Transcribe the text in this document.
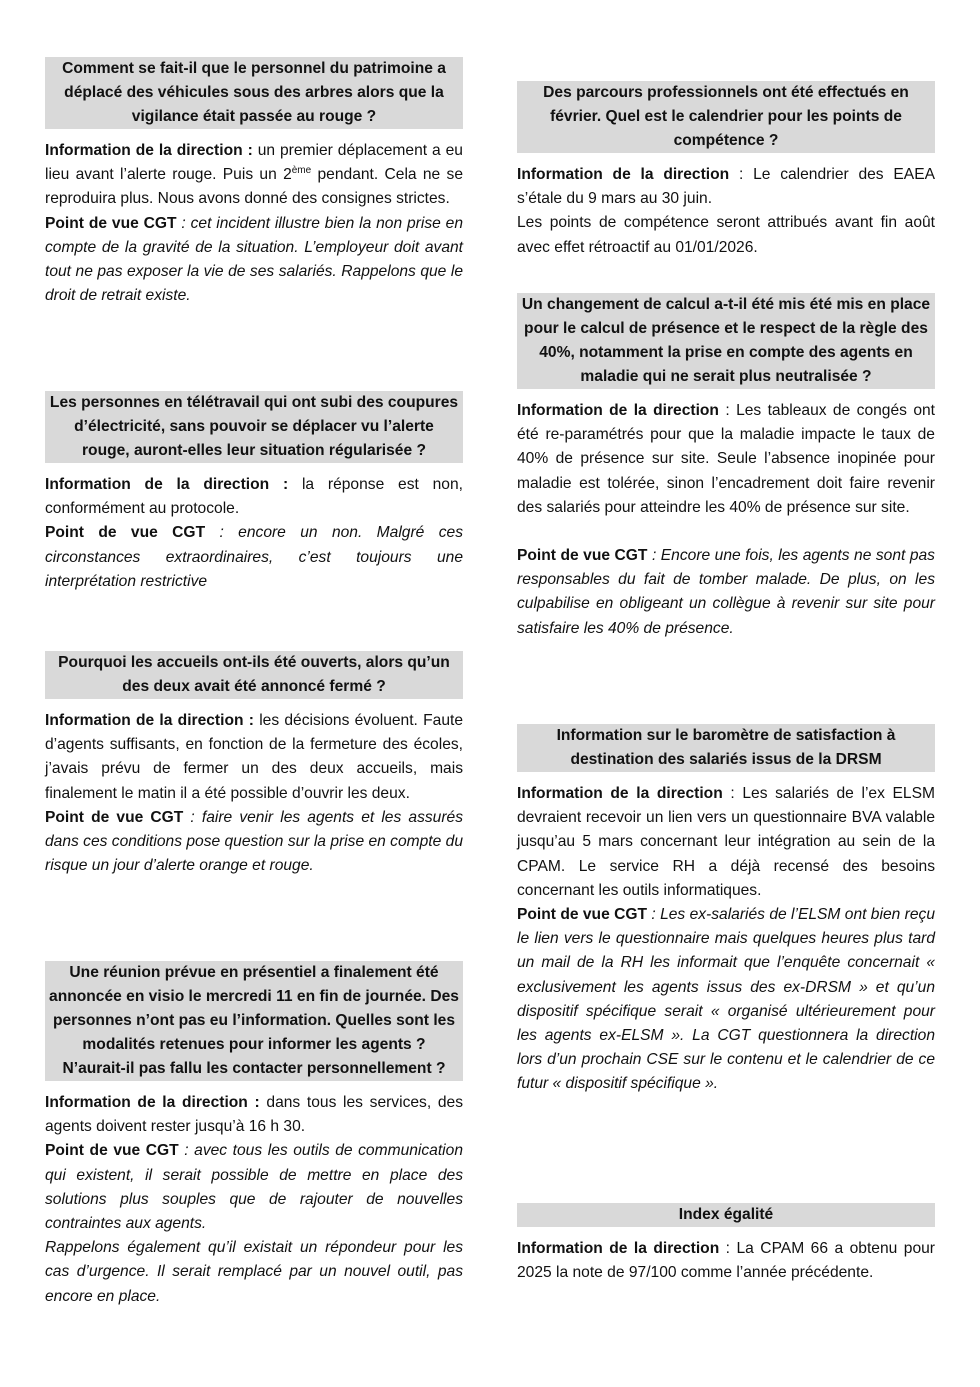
Comment se fait-il que le personnel du patrimoine a déplacé des véhicules sous des arbres alors que la vigilance était passée au rouge ?

Information de la direction : un premier déplacement a eu lieu avant l’alerte rouge. Puis un 2ème pendant. Cela ne se reproduira plus. Nous avons donné des consignes strictes.

Point de vue CGT : cet incident illustre bien la non prise en compte de la gravité de la situation. L’employeur doit avant tout ne pas exposer la vie de ses salariés. Rappelons que le droit de retrait existe.

Les personnes en télétravail qui ont subi des coupures d’électricité, sans pouvoir se déplacer vu l’alerte rouge, auront-elles leur situation régularisée ?

Information de la direction : la réponse est non, conformément au protocole.

Point de vue CGT : encore un non. Malgré ces circonstances extraordinaires, c’est toujours une interprétation restrictive

Pourquoi les accueils ont-ils été ouverts, alors qu’un des deux avait été annoncé fermé ?

Information de la direction : les décisions évoluent. Faute d’agents suffisants, en fonction de la fermeture des écoles, j’avais prévu de fermer un des deux accueils, mais finalement le matin il a été possible d’ouvrir les deux.

Point de vue CGT : faire venir les agents et les assurés dans ces conditions pose question sur la prise en compte du risque un jour d’alerte orange et rouge.

Une réunion prévue en présentiel a finalement été annoncée en visio le mercredi 11 en fin de journée. Des personnes n’ont pas eu l’information. Quelles sont les modalités retenues pour informer les agents ? N’aurait-il pas fallu les contacter personnellement ?

Information de la direction : dans tous les services, des agents doivent rester jusqu’à 16 h 30.

Point de vue CGT : avec tous les outils de communication qui existent, il serait possible de mettre en place des solutions plus souples que de rajouter de nouvelles contraintes aux agents.

Rappelons également qu’il existait un répondeur pour les cas d’urgence. Il serait remplacé par un nouvel outil, pas encore en place.

Des parcours professionnels ont été effectués en février. Quel est le calendrier pour les points de compétence ?

Information de la direction : Le calendrier des EAEA s’étale du 9 mars au 30 juin.

Les points de compétence seront attribués avant fin août avec effet rétroactif au 01/01/2026.

Un changement de calcul a-t-il été mis été mis en place pour le calcul de présence et le respect de la règle des 40%, notamment la prise en compte des agents en maladie qui ne serait plus neutralisée ?

Information de la direction : Les tableaux de congés ont été re-paramétrés pour que la maladie impacte le taux de 40% de présence sur site. Seule l’absence inopinée pour maladie est tolérée, sinon l’encadrement doit faire revenir des salariés pour atteindre les 40% de présence sur site.

Point de vue CGT : Encore une fois, les agents ne sont pas responsables du fait de tomber malade. De plus, on les culpabilise en obligeant un collègue à revenir sur site pour satisfaire les 40% de présence.

Information sur le baromètre de satisfaction à destination des salariés issus de la DRSM

Information de la direction : Les salariés de l’ex ELSM devraient recevoir un lien vers un questionnaire BVA valable jusqu’au 5 mars concernant leur intégration au sein de la CPAM. Le service RH a déjà recensé des besoins concernant les outils informatiques.

Point de vue CGT : Les ex-salariés de l’ELSM ont bien reçu le lien vers le questionnaire mais quelques heures plus tard un mail de la RH les informait que l’enquête concernait « exclusivement les agents issus des ex-DRSM » et qu’un dispositif spécifique serait « organisé ultérieurement pour les agents ex-ELSM ». La CGT questionnera la direction lors d’un prochain CSE sur le contenu et le calendrier de ce futur « dispositif spécifique ».

Index égalité

Information de la direction : La CPAM 66 a obtenu pour 2025 la note de 97/100 comme l’année précédente.
